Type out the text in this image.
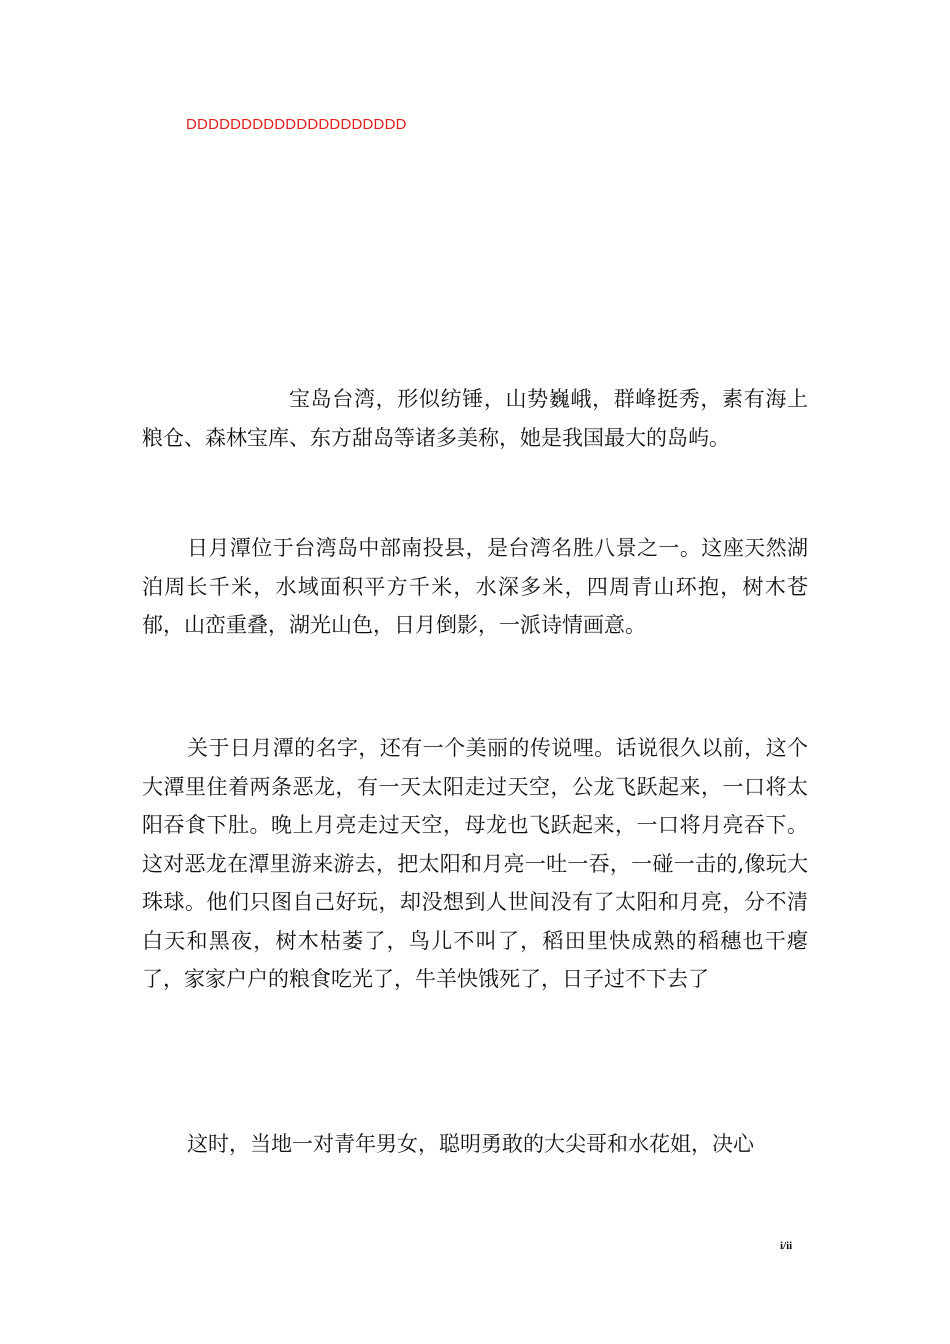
DDDDDDDDDDDDDDDDDDDD

宝岛台湾，形似纺锤，山势巍峨，群峰挺秀，素有海上粮仓、森林宝库、东方甜岛等诸多美称，她是我国最大的岛屿。

日月潭位于台湾岛中部南投县，是台湾名胜八景之一。这座天然湖泊周长千米，水域面积平方千米，水深多米，四周青山环抱，树木苍郁，山峦重叠，湖光山色，日月倒影，一派诗情画意。

关于日月潭的名字，还有一个美丽的传说哩。话说很久以前，这个大潭里住着两条恶龙，有一天太阳走过天空，公龙飞跃起来，一口将太阳吞食下肚。晚上月亮走过天空，母龙也飞跃起来，一口将月亮吞下。这对恶龙在潭里游来游去，把太阳和月亮一吐一吞，一碰一击的,像玩大珠球。他们只图自己好玩，却没想到人世间没有了太阳和月亮，分不清白天和黑夜，树木枯萎了，鸟儿不叫了，稻田里快成熟的稻穗也干瘪了，家家户户的粮食吃光了，牛羊快饿死了，日子过不下去了

这时，当地一对青年男女，聪明勇敢的大尖哥和水花姐，决心

i/ii
